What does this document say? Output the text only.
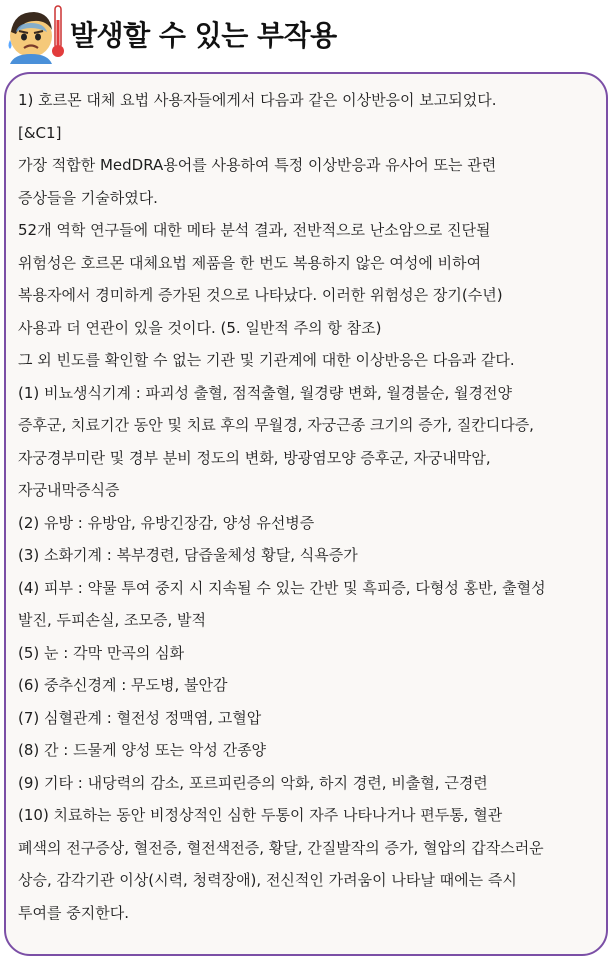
발생할 수 있는 부작용
1) 호르몬 대체 요법 사용자들에게서 다음과 같은 이상반응이 보고되었다.
[&C1]
가장 적합한 MedDRA용어를 사용하여 특정 이상반응과 유사어 또는 관련
증상들을 기술하였다.
52개 역학 연구들에 대한 메타 분석 결과, 전반적으로 난소암으로 진단될
위험성은 호르몬 대체요법 제품을 한 번도 복용하지 않은 여성에 비하여
복용자에서 경미하게 증가된 것으로 나타났다. 이러한 위험성은 장기(수년)
사용과 더 연관이 있을 것이다. (5. 일반적 주의 항 참조)
그 외 빈도를 확인할 수 없는 기관 및 기관계에 대한 이상반응은 다음과 같다.
(1) 비뇨생식기계 : 파괴성 출혈, 점적출혈, 월경량 변화, 월경불순, 월경전양
증후군, 치료기간 동안 및 치료 후의 무월경, 자궁근종 크기의 증가, 질칸디다증,
자궁경부미란 및 경부 분비 정도의 변화, 방광염모양 증후군, 자궁내막암,
자궁내막증식증
(2) 유방 : 유방암, 유방긴장감, 양성 유선병증
(3) 소화기계 : 복부경련, 담즙울체성 황달, 식욕증가
(4) 피부 : 약물 투여 중지 시 지속될 수 있는 간반 및 흑피증, 다형성 홍반, 출혈성
발진, 두피손실, 조모증, 발적
(5) 눈 : 각막 만곡의 심화
(6) 중추신경계 : 무도병, 불안감
(7) 심혈관계 : 혈전성 정맥염, 고혈압
(8) 간 : 드물게 양성 또는 악성 간종양
(9) 기타 : 내당력의 감소, 포르피린증의 악화, 하지 경련, 비출혈, 근경련
(10) 치료하는 동안 비정상적인 심한 두통이 자주 나타나거나 편두통, 혈관
폐색의 전구증상, 혈전증, 혈전색전증, 황달, 간질발작의 증가, 혈압의 갑작스러운
상승, 감각기관 이상(시력, 청력장애), 전신적인 가려움이 나타날 때에는 즉시
투여를 중지한다.
